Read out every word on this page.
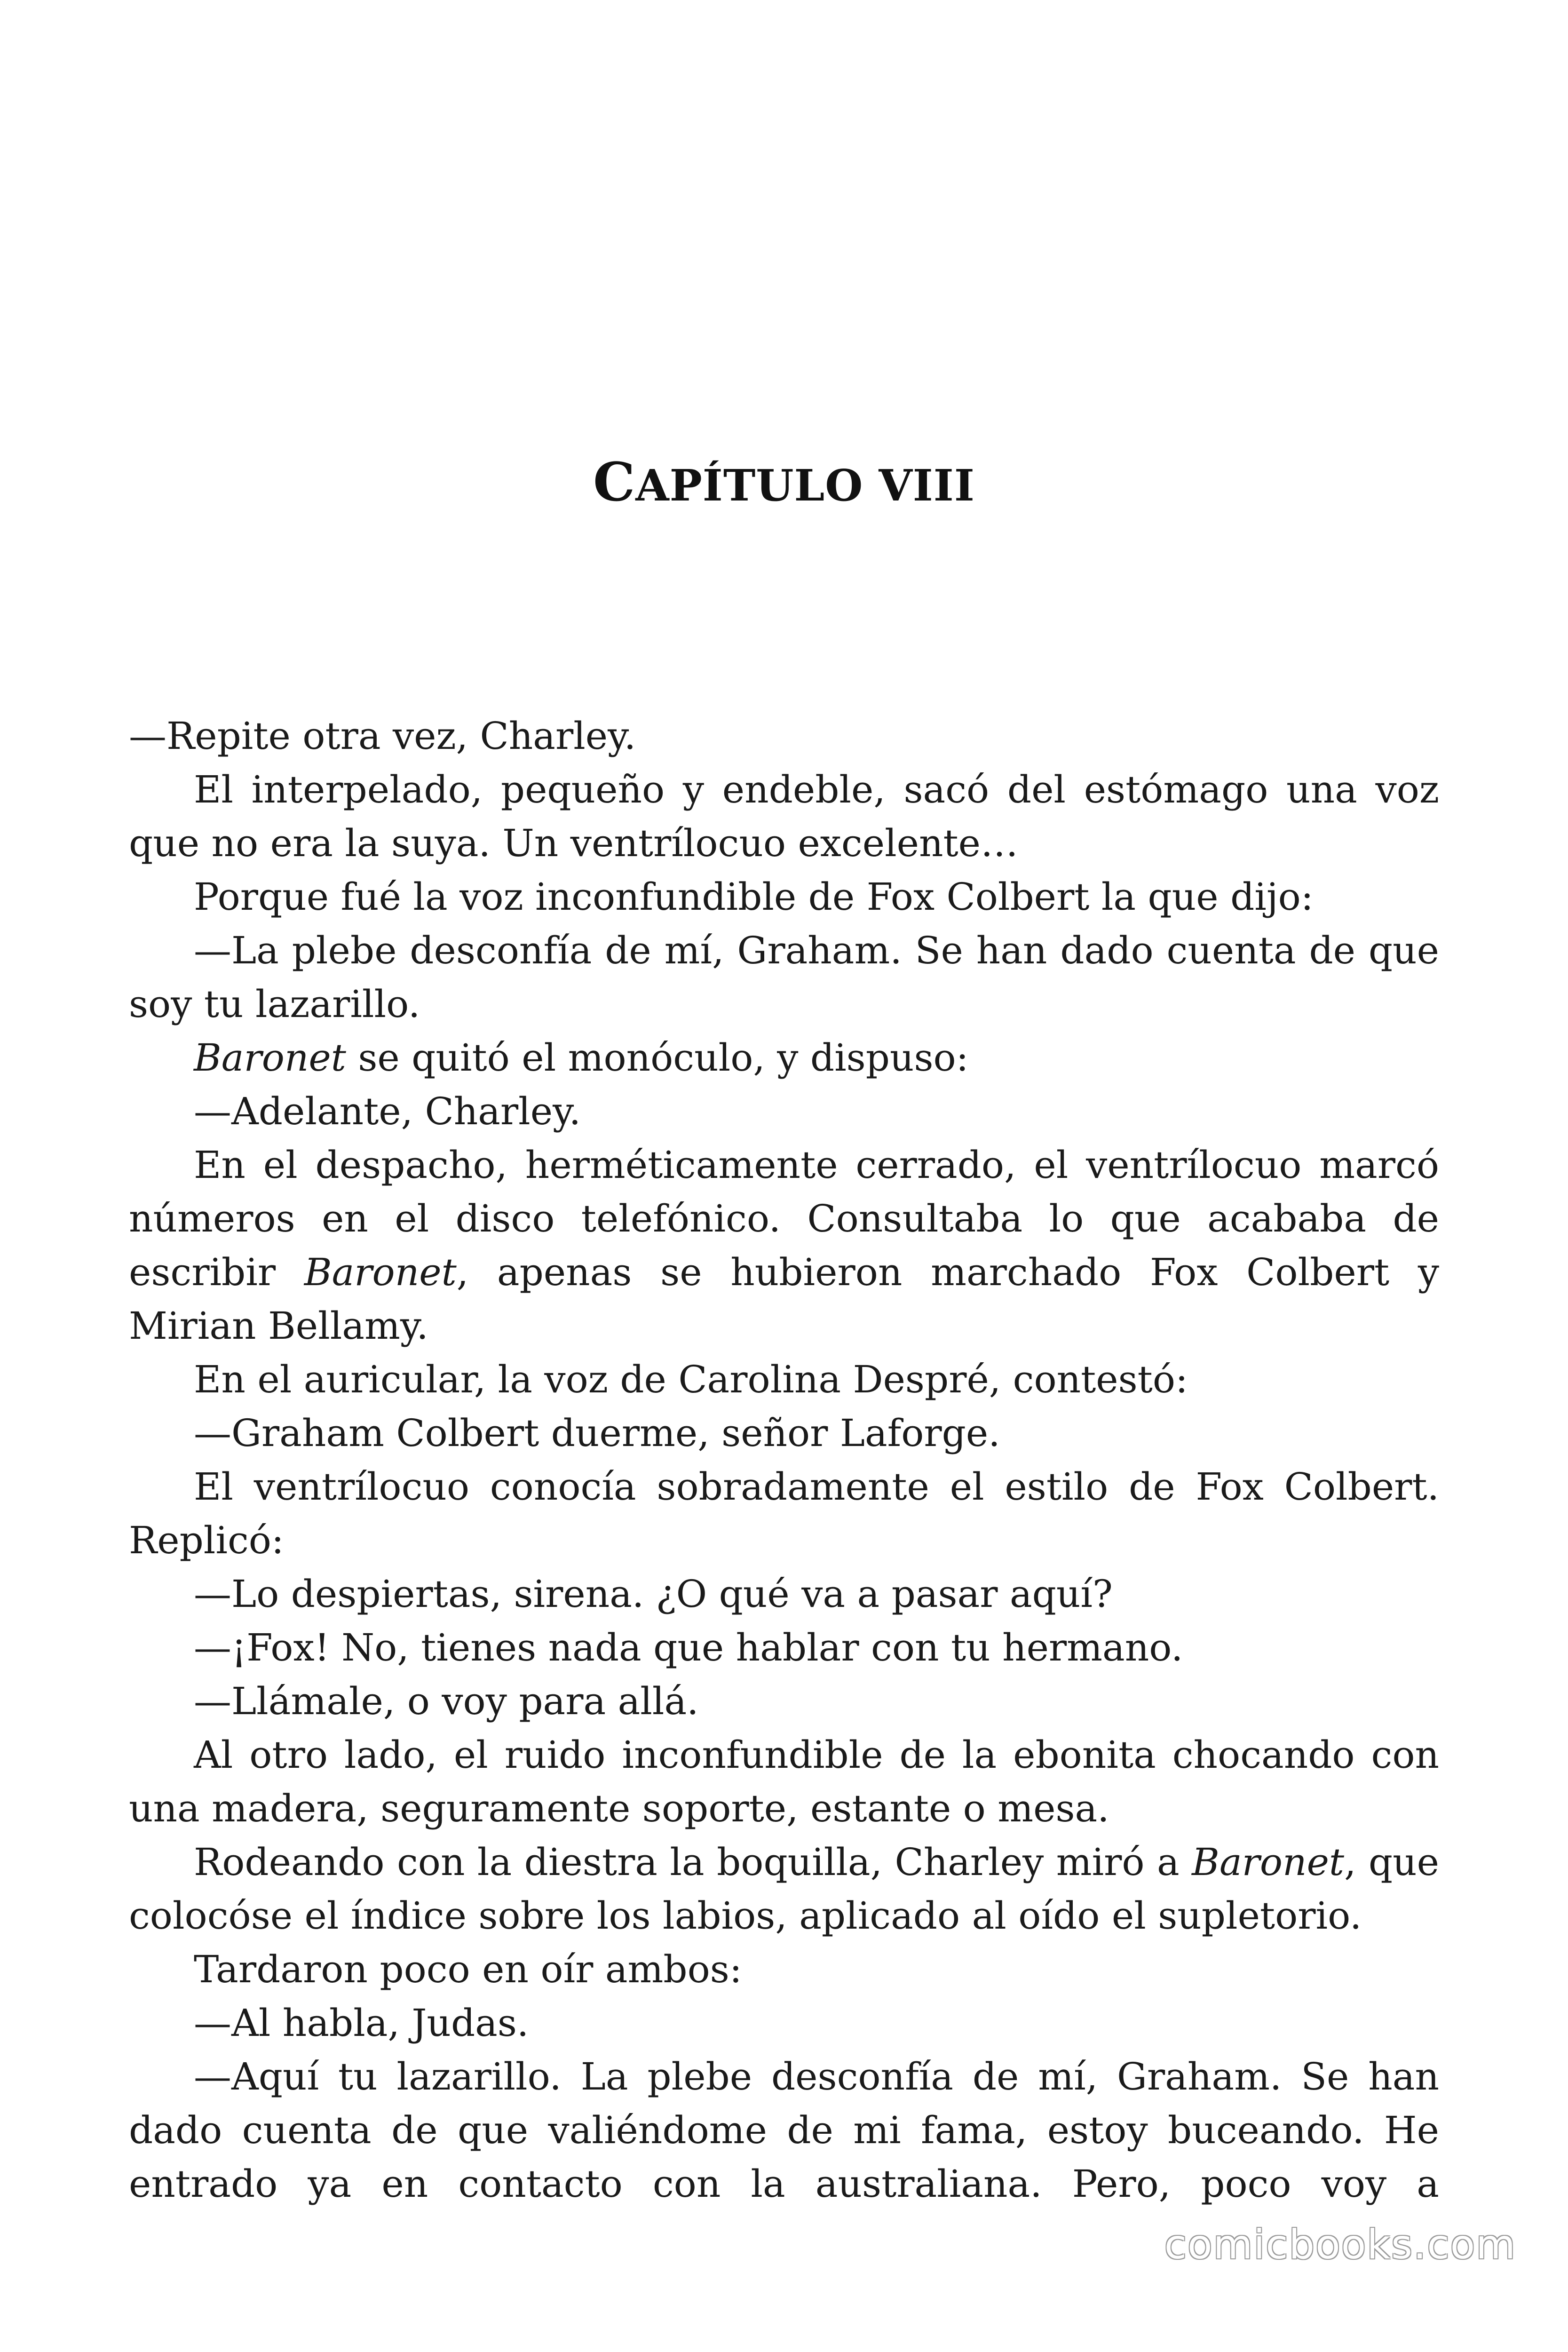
CAPÍTULO VIII

—Repite otra vez, Charley.

El interpelado, pequeño y endeble, sacó del estómago una voz que no era la suya. Un ventrílocuo excelente…

Porque fué la voz inconfundible de Fox Colbert la que dijo:

—La plebe desconfía de mí, Graham. Se han dado cuenta de que soy tu lazarillo.

Baronet se quitó el monóculo, y dispuso:

—Adelante, Charley.

En el despacho, herméticamente cerrado, el ventrílocuo marcó números en el disco telefónico. Consultaba lo que acababa de escribir Baronet, apenas se hubieron marchado Fox Colbert y Mirian Bellamy.

En el auricular, la voz de Carolina Despré, contestó:

—Graham Colbert duerme, señor Laforge.

El ventrílocuo conocía sobradamente el estilo de Fox Colbert. Replicó:

—Lo despiertas, sirena. ¿O qué va a pasar aquí?

—¡Fox! No, tienes nada que hablar con tu hermano.

—Llámale, o voy para allá.

Al otro lado, el ruido inconfundible de la ebonita chocando con una madera, seguramente soporte, estante o mesa.

Rodeando con la diestra la boquilla, Charley miró a Baronet, que colocóse el índice sobre los labios, aplicado al oído el supletorio.

Tardaron poco en oír ambos:

—Al habla, Judas.

—Aquí tu lazarillo. La plebe desconfía de mí, Graham. Se han dado cuenta de que valiéndome de mi fama, estoy buceando. He entrado ya en contacto con la australiana. Pero, poco voy a

comicbooks.com
